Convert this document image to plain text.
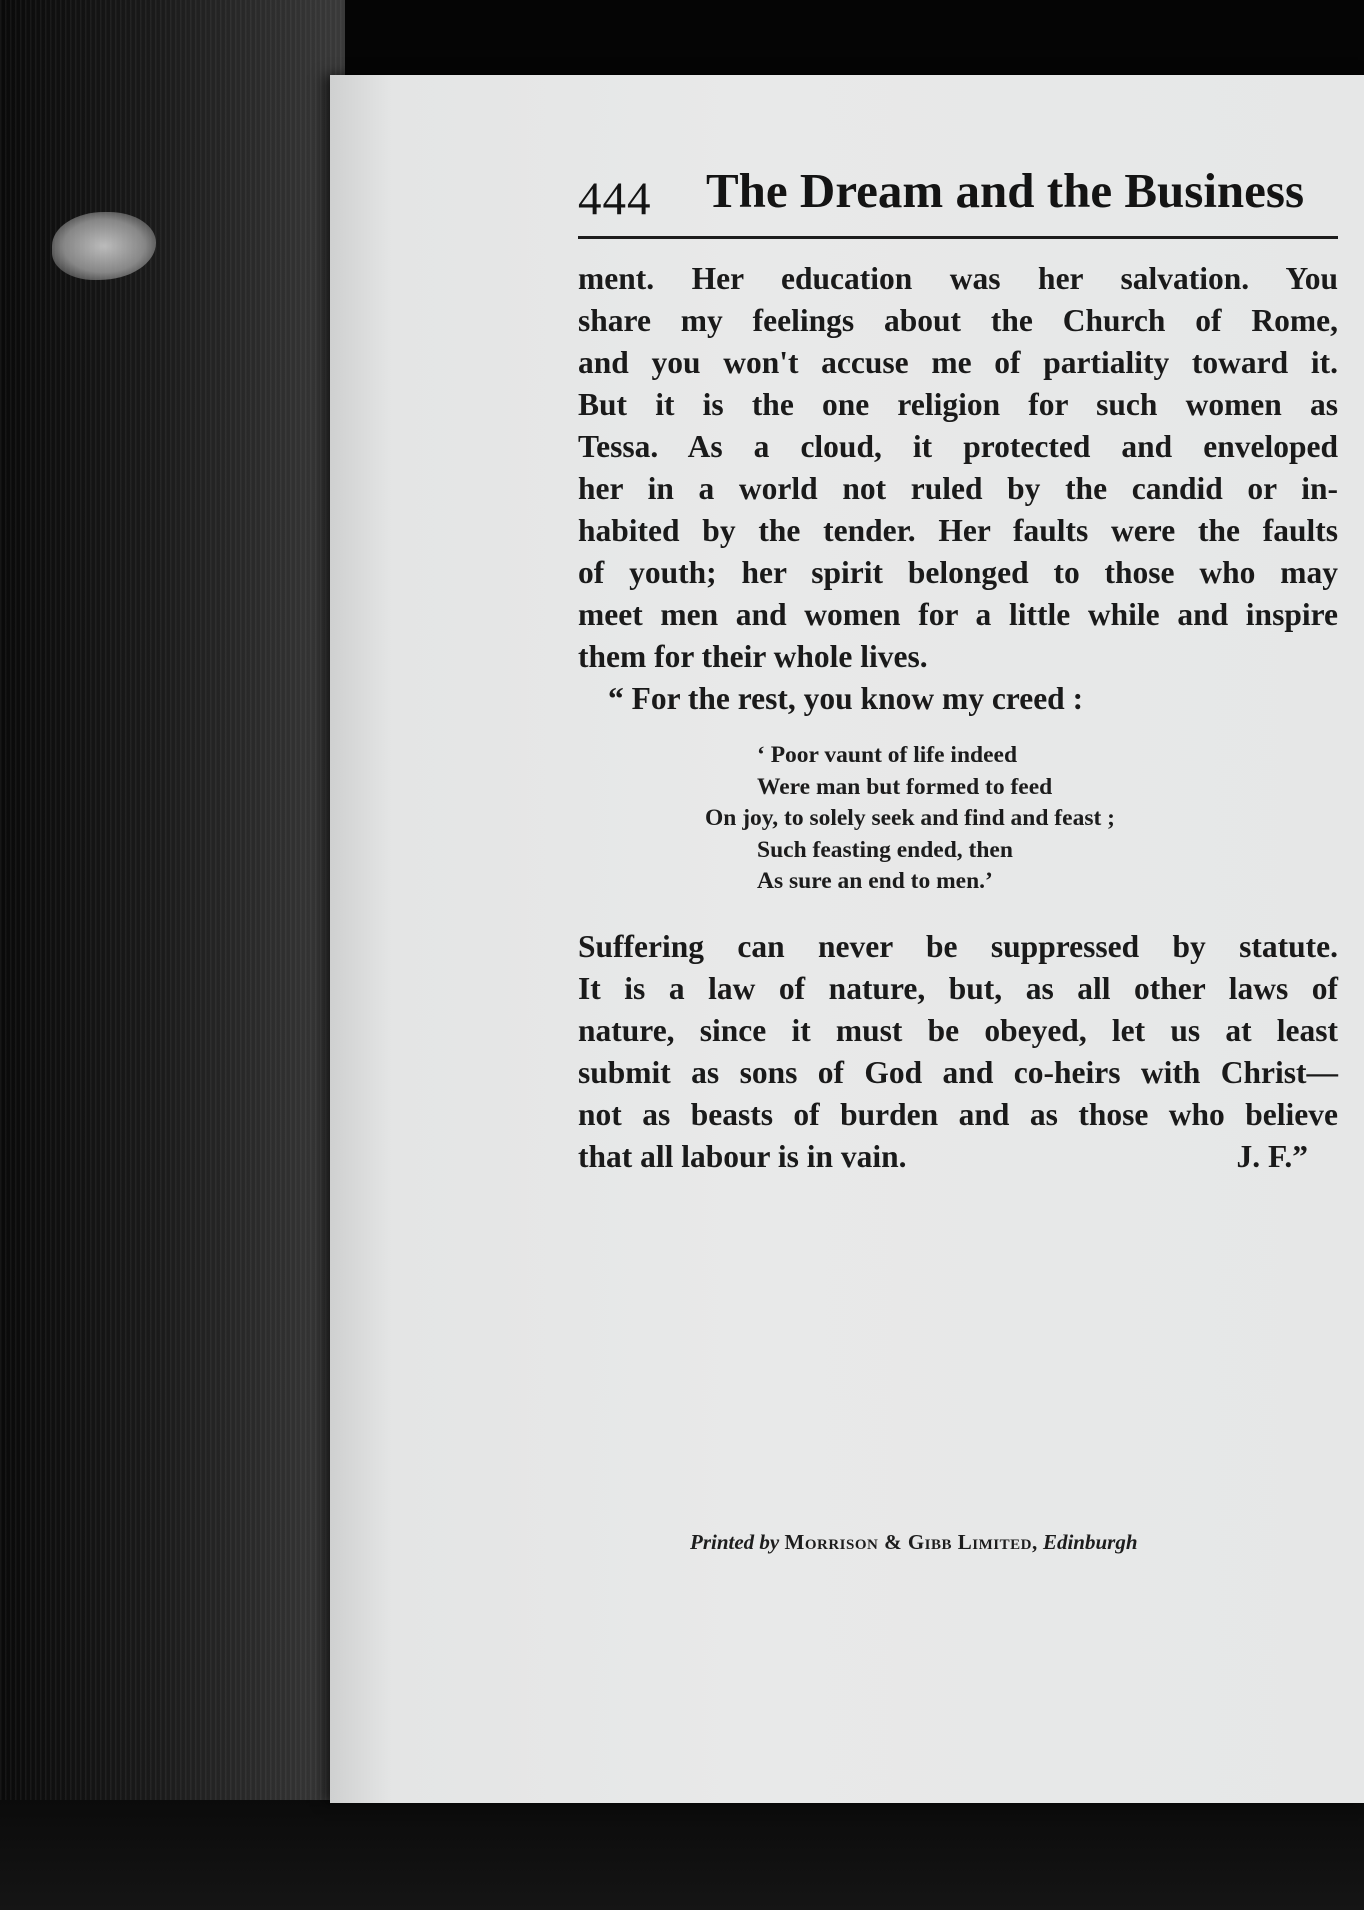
444 The Dream and the Business

ment. Her education was her salvation. You

share my feelings about the Church of Rome,

and you won't accuse me of partiality toward it.

But it is the one religion for such women as

Tessa. As a cloud, it protected and enveloped

her in a world not ruled by the candid or in-

habited by the tender. Her faults were the faults

of youth; her spirit belonged to those who may

meet men and women for a little while and inspire

them for their whole lives.

“ For the rest, you know my creed :

‘ Poor vaunt of life indeed
Were man but formed to feed
On joy, to solely seek and find and feast ;
Such feasting ended, then
As sure an end to men.’

Suffering can never be suppressed by statute.

It is a law of nature, but, as all other laws of

nature, since it must be obeyed, let us at least

submit as sons of God and co-heirs with Christ—

not as beasts of burden and as those who believe

that all labour is in vain.	J. F.”

Printed by Morrison & Gibb Limited, Edinburgh
